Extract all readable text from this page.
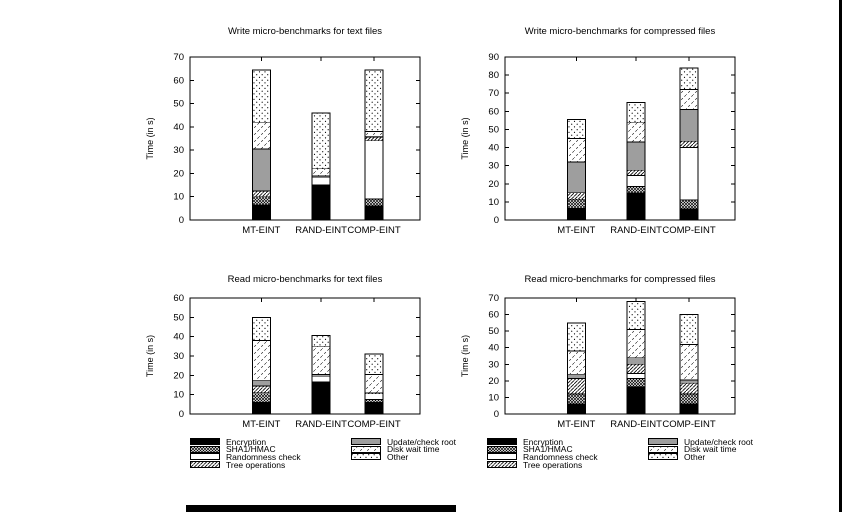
Write micro-benchmarks for text files
Time (in s)
0
10
20
30
40
50
60
70
MT-EINT RAND-EINT COMP-EINT
Write micro-benchmarks for compressed files
Time (in s)
0
10
20
30
40
50
60
70
80
90
MT-EINT RAND-EINT COMP-EINT
Read micro-benchmarks for text files
Time (in s)
0
10
20
30
40
50
60
MT-EINT RAND-EINT COMP-EINT
Read micro-benchmarks for compressed files
Time (in s)
0
10
20
30
40
50
60
70
MT-EINT RAND-EINT COMP-EINT
Encryption
SHA1/HMAC
Randomness check
Tree operations
Update/check root
Disk wait time
Other
Encryption
SHA1/HMAC
Randomness check
Tree operations
Update/check root
Disk wait time
Other
